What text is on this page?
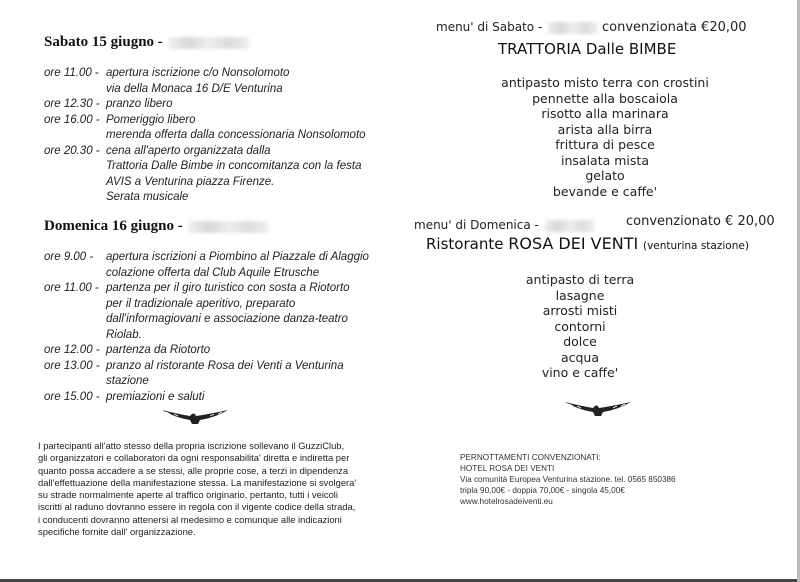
Sabato 15 giugno -
ore 11.00 - apertura iscrizione c/o Nonsolomoto
via della Monaca 16 D/E Venturina
ore 12.30 - pranzo libero
ore 16.00 - Pomeriggio libero
merenda offerta dalla concessionaria Nonsolomoto
ore 20.30 - cena all'aperto organizzata dalla
Trattoria Dalle Bimbe in concomitanza con la festa
AVIS a Venturina piazza Firenze.
Serata musicale
Domenica 16 giugno -
ore 9.00 -	apertura iscrizioni a Piombino al Piazzale di Alaggio
colazione offerta dal Club Aquile Etrusche
ore 11.00 - partenza per il giro turistico con sosta a Riotorto
per il tradizionale aperitivo, preparato
dall'informagiovani e associazione danza-teatro
Riolab.
ore 12.00 - partenza da Riotorto
ore 13.00 - pranzo al ristorante Rosa dei Venti a Venturina
stazione
ore 15.00 - premiazioni e saluti
I partecipanti all'atto stesso della propria iscrizione sollevano il GuzziClub,
gli organizzatori e collaboratori da ogni responsabilita' diretta e indiretta per
quanto possa accadere a se stessi, alle proprie cose, a terzi in dipendenza
dall'effettuazione della manifestazione stessa. La manifestazione si svolgera'
su strade normalmente aperte al traffico originario, pertanto, tutti i veicoli
iscritti al raduno dovranno essere in regola con il vigente codice della strada,
i conducenti dovranno attenersi al medesimo e comunque alle indicazioni
specifiche fornite dall' organizzazione.
menu' di Sabato -	convenzionata €20,00
TRATTORIA Dalle BIMBE
antipasto misto terra con crostini
pennette alla boscaiola
risotto alla marinara
arista alla birra
frittura di pesce
insalata mista
gelato
bevande e caffe'
menu' di Domenica -	convenzionato € 20,00
Ristorante ROSA DEI VENTI (venturina stazione)
antipasto di terra
lasagne
arrosti misti
contorni
dolce
acqua
vino e caffe'
PERNOTTAMENTI CONVENZIONATI:
HOTEL ROSA DEI VENTI
Via comunità Europea Venturina stazione. tel. 0565 850386
tripla 90,00€ - doppia 70,00€ - singola 45,00€
www.hotelrosadeiventi.eu
